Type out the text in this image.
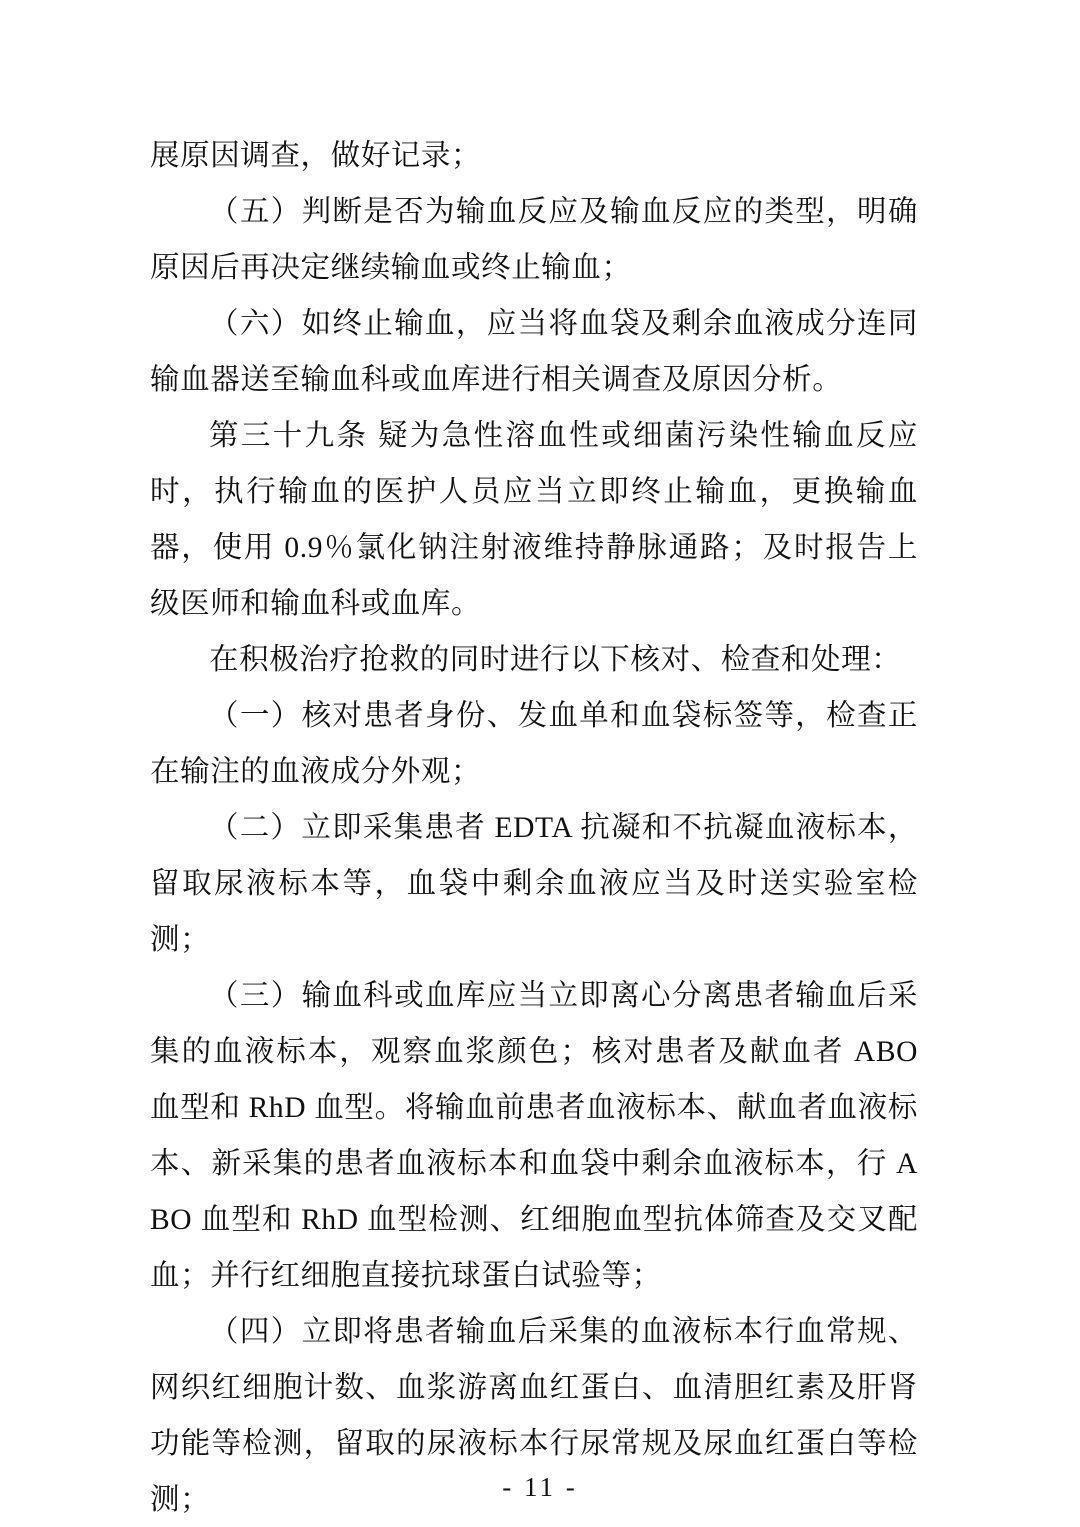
展原因调查，做好记录；

（五）判断是否为输血反应及输血反应的类型，明确原因后再决定继续输血或终止输血；

（六）如终止输血，应当将血袋及剩余血液成分连同输血器送至输血科或血库进行相关调查及原因分析。

第三十九条 疑为急性溶血性或细菌污染性输血反应时，执行输血的医护人员应当立即终止输血，更换输血器，使用 0.9％氯化钠注射液维持静脉通路；及时报告上级医师和输血科或血库。

在积极治疗抢救的同时进行以下核对、检查和处理：

（一）核对患者身份、发血单和血袋标签等，检查正在输注的血液成分外观；

（二）立即采集患者 EDTA 抗凝和不抗凝血液标本，留取尿液标本等，血袋中剩余血液应当及时送实验室检测；

（三）输血科或血库应当立即离心分离患者输血后采集的血液标本，观察血浆颜色；核对患者及献血者 ABO 血型和 RhD 血型。将输血前患者血液标本、献血者血液标本、新采集的患者血液标本和血袋中剩余血液标本，行 ABO 血型和 RhD 血型检测、红细胞血型抗体筛查及交叉配血；并行红细胞直接抗球蛋白试验等；

（四）立即将患者输血后采集的血液标本行血常规、网织红细胞计数、血浆游离血红蛋白、血清胆红素及肝肾功能等检测，留取的尿液标本行尿常规及尿血红蛋白等检测；	- 11 -
